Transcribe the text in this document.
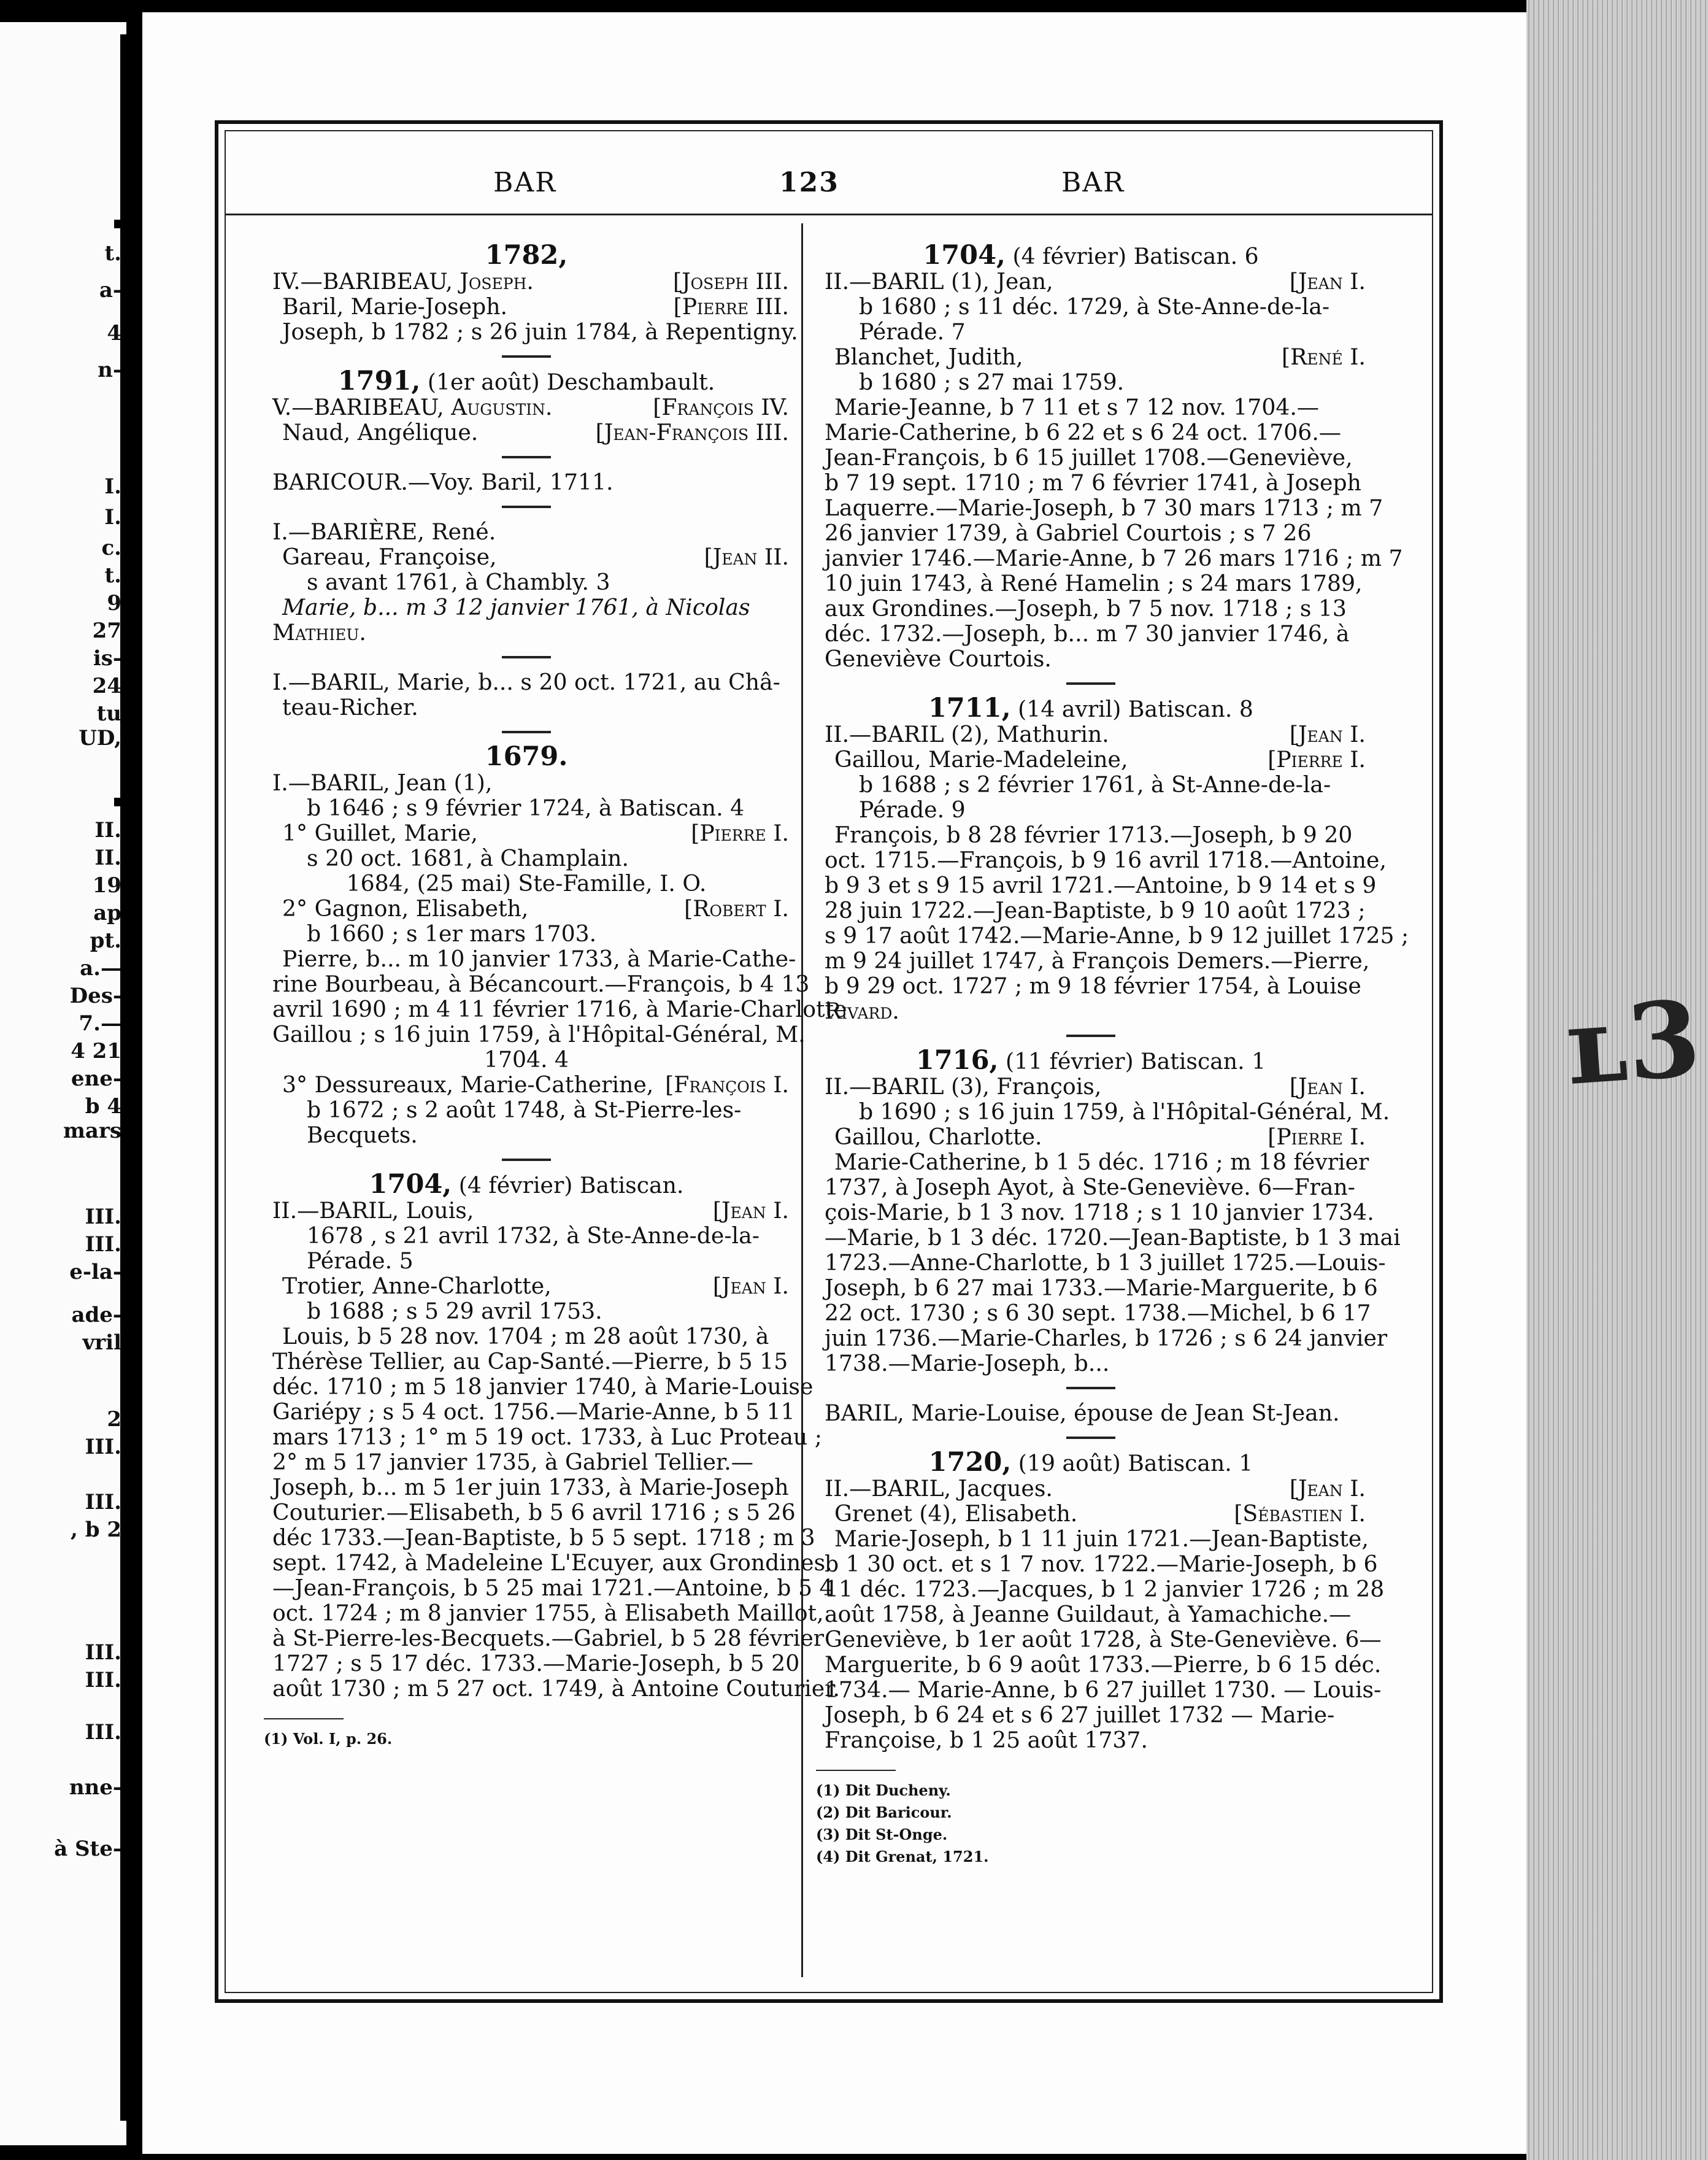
t.
a-
4
n-
I.
I.
c.
t.
9
27
is-
24
tu
UD,
II.
II.
19
ap
pt.
a.—
Des-
7.—
4 21
ene-
b 4
mars
III.
III.
e-la-
ade-
vril
2
III.
III.
, b 2
III.
III.
III.
nne-
à Ste-
ʟ3
BAR	123	BAR
1782,
IV.—BARIBEAU, Joseph.	[Joseph III.
Baril, Marie-Joseph.	[Pierre III.
Joseph, b 1782 ; s 26 juin 1784, à Repentigny.
1791, (1er août) Deschambault.
V.—BARIBEAU, Augustin.	[François IV.
Naud, Angélique.	[Jean-François III.
BARICOUR.—Voy. Baril, 1711.
I.—BARIÈRE, René.
Gareau, Françoise,	[Jean II.
s avant 1761, à Chambly. 3
Marie, b... m 3 12 janvier 1761, à Nicolas
Mathieu.
I.—BARIL, Marie, b... s 20 oct. 1721, au Châ-
teau-Richer.
1679.
I.—BARIL, Jean (1),
b 1646 ; s 9 février 1724, à Batiscan. 4
1° Guillet, Marie,	[Pierre I.
s 20 oct. 1681, à Champlain.
1684, (25 mai) Ste-Famille, I. O.
2° Gagnon, Elisabeth,	[Robert I.
b 1660 ; s 1er mars 1703.
Pierre, b... m 10 janvier 1733, à Marie-Cathe-
rine Bourbeau, à Bécancourt.—François, b 4 13
avril 1690 ; m 4 11 février 1716, à Marie-Charlotte
Gaillou ; s 16 juin 1759, à l'Hôpital-Général, M.
1704. 4
3° Dessureaux, Marie-Catherine, [François I.
b 1672 ; s 2 août 1748, à St-Pierre-les-
Becquets.
1704, (4 février) Batiscan.
II.—BARIL, Louis,	[Jean I.
1678 , s 21 avril 1732, à Ste-Anne-de-la-
Pérade. 5
Trotier, Anne-Charlotte,	[Jean I.
b 1688 ; s 5 29 avril 1753.
Louis, b 5 28 nov. 1704 ; m 28 août 1730, à
Thérèse Tellier, au Cap-Santé.—Pierre, b 5 15
déc. 1710 ; m 5 18 janvier 1740, à Marie-Louise
Gariépy ; s 5 4 oct. 1756.—Marie-Anne, b 5 11
mars 1713 ; 1° m 5 19 oct. 1733, à Luc Proteau ;
2° m 5 17 janvier 1735, à Gabriel Tellier.—
Joseph, b... m 5 1er juin 1733, à Marie-Joseph
Couturier.—Elisabeth, b 5 6 avril 1716 ; s 5 26
déc 1733.—Jean-Baptiste, b 5 5 sept. 1718 ; m 3
sept. 1742, à Madeleine L'Ecuyer, aux Grondines.
—Jean-François, b 5 25 mai 1721.—Antoine, b 5 4
oct. 1724 ; m 8 janvier 1755, à Elisabeth Maillot,
à St-Pierre-les-Becquets.—Gabriel, b 5 28 février
1727 ; s 5 17 déc. 1733.—Marie-Joseph, b 5 20
août 1730 ; m 5 27 oct. 1749, à Antoine Couturier.
(1) Vol. I, p. 26.
1704, (4 février) Batiscan. 6
II.—BARIL (1), Jean,	[Jean I.
b 1680 ; s 11 déc. 1729, à Ste-Anne-de-la-
Pérade. 7
Blanchet, Judith,	[René I.
b 1680 ; s 27 mai 1759.
Marie-Jeanne, b 7 11 et s 7 12 nov. 1704.—
Marie-Catherine, b 6 22 et s 6 24 oct. 1706.—
Jean-François, b 6 15 juillet 1708.—Geneviève,
b 7 19 sept. 1710 ; m 7 6 février 1741, à Joseph
Laquerre.—Marie-Joseph, b 7 30 mars 1713 ; m 7
26 janvier 1739, à Gabriel Courtois ; s 7 26
janvier 1746.—Marie-Anne, b 7 26 mars 1716 ; m 7
10 juin 1743, à René Hamelin ; s 24 mars 1789,
aux Grondines.—Joseph, b 7 5 nov. 1718 ; s 13
déc. 1732.—Joseph, b... m 7 30 janvier 1746, à
Geneviève Courtois.
1711, (14 avril) Batiscan. 8
II.—BARIL (2), Mathurin.	[Jean I.
Gaillou, Marie-Madeleine,	[Pierre I.
b 1688 ; s 2 février 1761, à St-Anne-de-la-
Pérade. 9
François, b 8 28 février 1713.—Joseph, b 9 20
oct. 1715.—François, b 9 16 avril 1718.—Antoine,
b 9 3 et s 9 15 avril 1721.—Antoine, b 9 14 et s 9
28 juin 1722.—Jean-Baptiste, b 9 10 août 1723 ;
s 9 17 août 1742.—Marie-Anne, b 9 12 juillet 1725 ;
m 9 24 juillet 1747, à François Demers.—Pierre,
b 9 29 oct. 1727 ; m 9 18 février 1754, à Louise
Rivard.
1716, (11 février) Batiscan. 1
II.—BARIL (3), François,	[Jean I.
b 1690 ; s 16 juin 1759, à l'Hôpital-Général, M.
Gaillou, Charlotte.	[Pierre I.
Marie-Catherine, b 1 5 déc. 1716 ; m 18 février
1737, à Joseph Ayot, à Ste-Geneviève. 6—Fran-
çois-Marie, b 1 3 nov. 1718 ; s 1 10 janvier 1734.
—Marie, b 1 3 déc. 1720.—Jean-Baptiste, b 1 3 mai
1723.—Anne-Charlotte, b 1 3 juillet 1725.—Louis-
Joseph, b 6 27 mai 1733.—Marie-Marguerite, b 6
22 oct. 1730 ; s 6 30 sept. 1738.—Michel, b 6 17
juin 1736.—Marie-Charles, b 1726 ; s 6 24 janvier
1738.—Marie-Joseph, b...
BARIL, Marie-Louise, épouse de Jean St-Jean.
1720, (19 août) Batiscan. 1
II.—BARIL, Jacques.	[Jean I.
Grenet (4), Elisabeth.	[Sébastien I.
Marie-Joseph, b 1 11 juin 1721.—Jean-Baptiste,
b 1 30 oct. et s 1 7 nov. 1722.—Marie-Joseph, b 6
11 déc. 1723.—Jacques, b 1 2 janvier 1726 ; m 28
août 1758, à Jeanne Guildaut, à Yamachiche.—
Geneviève, b 1er août 1728, à Ste-Geneviève. 6—
Marguerite, b 6 9 août 1733.—Pierre, b 6 15 déc.
1734.— Marie-Anne, b 6 27 juillet 1730. — Louis-
Joseph, b 6 24 et s 6 27 juillet 1732 — Marie-
Françoise, b 1 25 août 1737.
(1) Dit Ducheny.
(2) Dit Baricour.
(3) Dit St-Onge.
(4) Dit Grenat, 1721.
